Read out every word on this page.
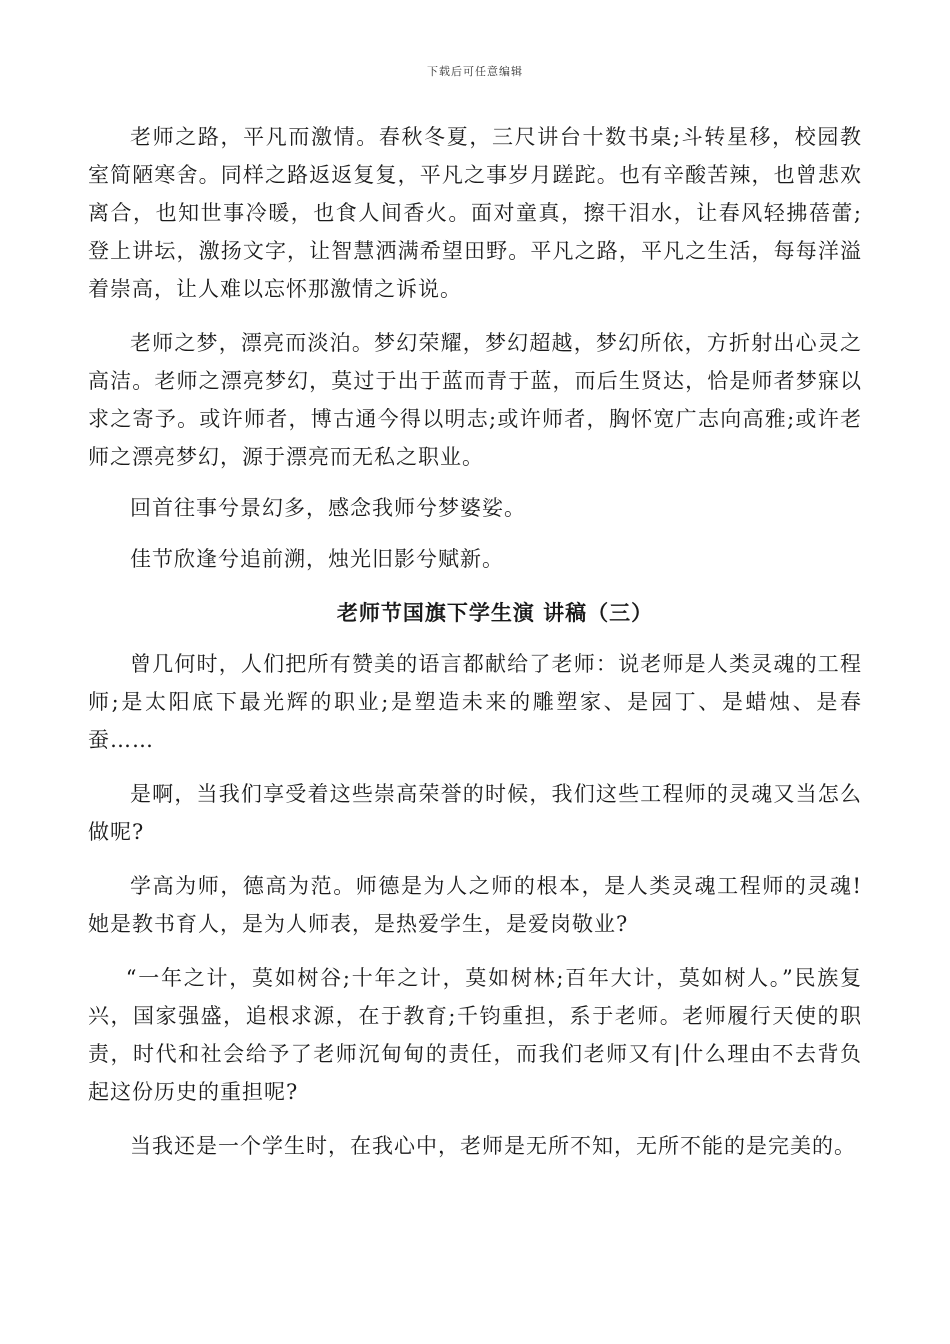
下载后可任意编辑

老师之路，平凡而激情。春秋冬夏，三尺讲台十数书桌;斗转星移，校园教室简陋寒舍。同样之路返返复复，平凡之事岁月蹉跎。也有辛酸苦辣，也曾悲欢离合，也知世事冷暖，也食人间香火。面对童真，擦干泪水，让春风轻拂蓓蕾;登上讲坛，激扬文字，让智慧洒满希望田野。平凡之路，平凡之生活，每每洋溢着崇高，让人难以忘怀那激情之诉说。

老师之梦，漂亮而淡泊。梦幻荣耀，梦幻超越，梦幻所依，方折射出心灵之高洁。老师之漂亮梦幻，莫过于出于蓝而青于蓝，而后生贤达，恰是师者梦寐以求之寄予。或许师者，博古通今得以明志;或许师者，胸怀宽广志向高雅;或许老师之漂亮梦幻，源于漂亮而无私之职业。

回首往事兮景幻多，感念我师兮梦婆娑。

佳节欣逢兮追前溯，烛光旧影兮赋新。

老师节国旗下学生演 讲稿（三）

曾几何时，人们把所有赞美的语言都献给了老师：说老师是人类灵魂的工程师;是太阳底下最光辉的职业;是塑造未来的雕塑家、是园丁、是蜡烛、是春蚕……

是啊，当我们享受着这些崇高荣誉的时候，我们这些工程师的灵魂又当怎么做呢?

学高为师，德高为范。师德是为人之师的根本，是人类灵魂工程师的灵魂!她是教书育人，是为人师表，是热爱学生，是爱岗敬业?

“一年之计，莫如树谷;十年之计，莫如树林;百年大计，莫如树人。”民族复兴，国家强盛，追根求源，在于教育;千钧重担，系于老师。老师履行天使的职责，时代和社会给予了老师沉甸甸的责任，而我们老师又有|什么理由不去背负起这份历史的重担呢?

当我还是一个学生时，在我心中，老师是无所不知，无所不能的是完美的。
